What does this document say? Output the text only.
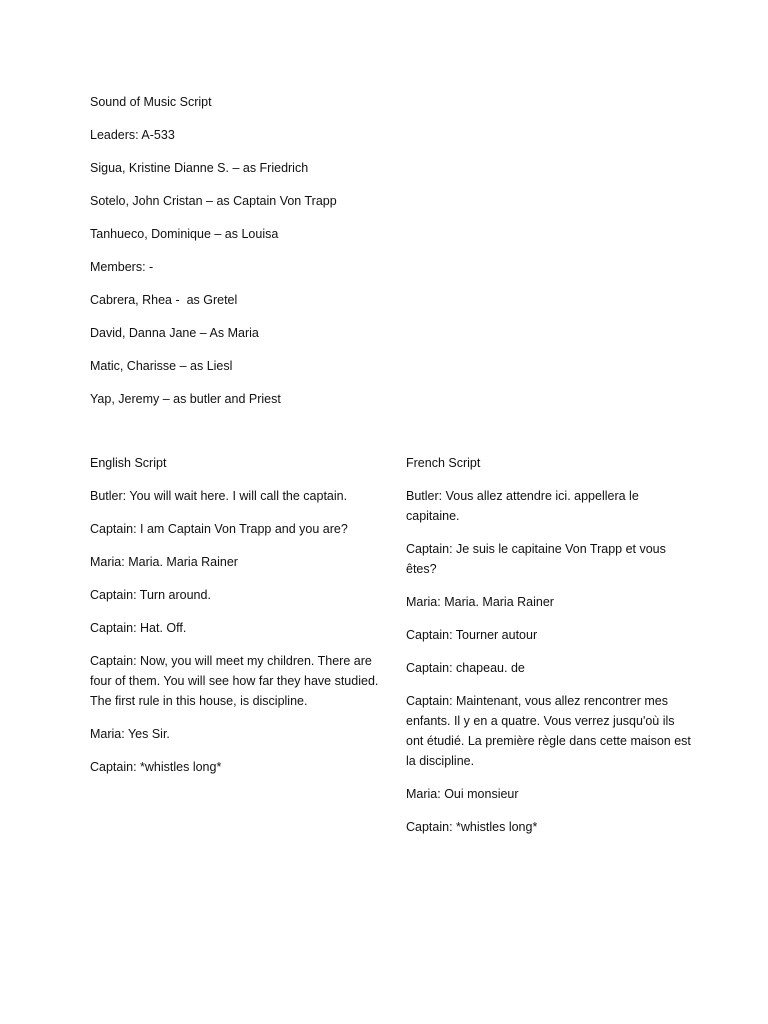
Sound of Music Script
Leaders: A-533
Sigua, Kristine Dianne S. – as Friedrich
Sotelo, John Cristan – as Captain Von Trapp
Tanhueco, Dominique – as Louisa
Members: -
Cabrera, Rhea -  as Gretel
David, Danna Jane – As Maria
Matic, Charisse – as Liesl
Yap, Jeremy – as butler and Priest

English Script

Butler: You will wait here. I will call the captain.

Captain: I am Captain Von Trapp and you are?

Maria: Maria. Maria Rainer

Captain: Turn around.

Captain: Hat. Off.

Captain: Now, you will meet my children. There are four of them. You will see how far they have studied. The first rule in this house, is discipline.

Maria: Yes Sir.

Captain: *whistles long*

French Script

Butler: Vous allez attendre ici. appellera le capitaine.

Captain: Je suis le capitaine Von Trapp et vous êtes?

Maria: Maria. Maria Rainer

Captain: Tourner autour

Captain: chapeau. de

Captain: Maintenant, vous allez rencontrer mes enfants. Il y en a quatre. Vous verrez jusqu'où ils ont étudié. La première règle dans cette maison est la discipline.

Maria: Oui monsieur

Captain: *whistles long*
